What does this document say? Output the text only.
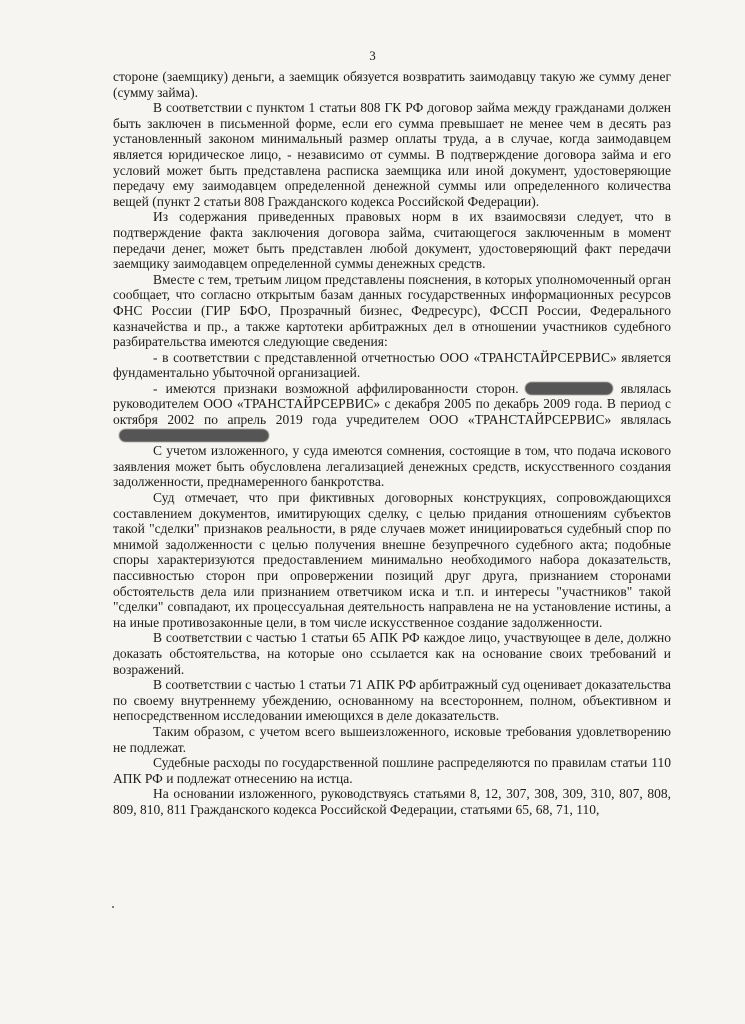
3

стороне (заемщику) деньги, а заемщик обязуется возвратить заимодавцу такую же сумму денег (сумму займа).

В соответствии с пунктом 1 статьи 808 ГК РФ договор займа между гражданами должен быть заключен в письменной форме, если его сумма превышает не менее чем в десять раз установленный законом минимальный размер оплаты труда, а в случае, когда заимодавцем является юридическое лицо, - независимо от суммы. В подтверждение договора займа и его условий может быть представлена расписка заемщика или иной документ, удостоверяющие передачу ему заимодавцем определенной денежной суммы или определенного количества вещей (пункт 2 статьи 808 Гражданского кодекса Российской Федерации).

Из содержания приведенных правовых норм в их взаимосвязи следует, что в подтверждение факта заключения договора займа, считающегося заключенным в момент передачи денег, может быть представлен любой документ, удостоверяющий факт передачи заемщику заимодавцем определенной суммы денежных средств.

Вместе с тем, третьим лицом представлены пояснения, в которых уполномоченный орган сообщает, что согласно открытым базам данных государственных информационных ресурсов ФНС России (ГИР БФО, Прозрачный бизнес, Федресурс), ФССП России, Федерального казначейства и пр., а также картотеки арбитражных дел в отношении участников судебного разбирательства имеются следующие сведения:

- в соответствии с представленной отчетностью ООО «ТРАНСТАЙРСЕРВИС» является фундаментально убыточной организацией.

- имеются признаки возможной аффилированности сторон.	являлась руководителем ООО «ТРАНСТАЙРСЕРВИС» с декабря 2005 по декабрь 2009 года. В период с октября 2002 по апрель 2019 года учредителем ООО «ТРАНСТАЙРСЕРВИС» являлась

С учетом изложенного, у суда имеются сомнения, состоящие в том, что подача искового заявления может быть обусловлена легализацией денежных средств, искусственного создания задолженности, преднамеренного банкротства.

Суд отмечает, что при фиктивных договорных конструкциях, сопровождающихся составлением документов, имитирующих сделку, с целью придания отношениям субъектов такой "сделки" признаков реальности, в ряде случаев может инициироваться судебный спор по мнимой задолженности с целью получения внешне безупречного судебного акта; подобные споры характеризуются предоставлением минимально необходимого набора доказательств, пассивностью сторон при опровержении позиций друг друга, признанием сторонами обстоятельств дела или признанием ответчиком иска и т.п. и интересы "участников" такой "сделки" совпадают, их процессуальная деятельность направлена не на установление истины, а на иные противозаконные цели, в том числе искусственное создание задолженности.

В соответствии с частью 1 статьи 65 АПК РФ каждое лицо, участвующее в деле, должно доказать обстоятельства, на которые оно ссылается как на основание своих требований и возражений.

В соответствии с частью 1 статьи 71 АПК РФ арбитражный суд оценивает доказательства по своему внутреннему убеждению, основанному на всестороннем, полном, объективном и непосредственном исследовании имеющихся в деле доказательств.

Таким образом, с учетом всего вышеизложенного, исковые требования удовлетворению не подлежат.

Судебные расходы по государственной пошлине распределяются по правилам статьи 110 АПК РФ и подлежат отнесению на истца.

На основании изложенного, руководствуясь статьями 8, 12, 307, 308, 309, 310, 807, 808, 809, 810, 811 Гражданского кодекса Российской Федерации, статьями 65, 68, 71, 110,
